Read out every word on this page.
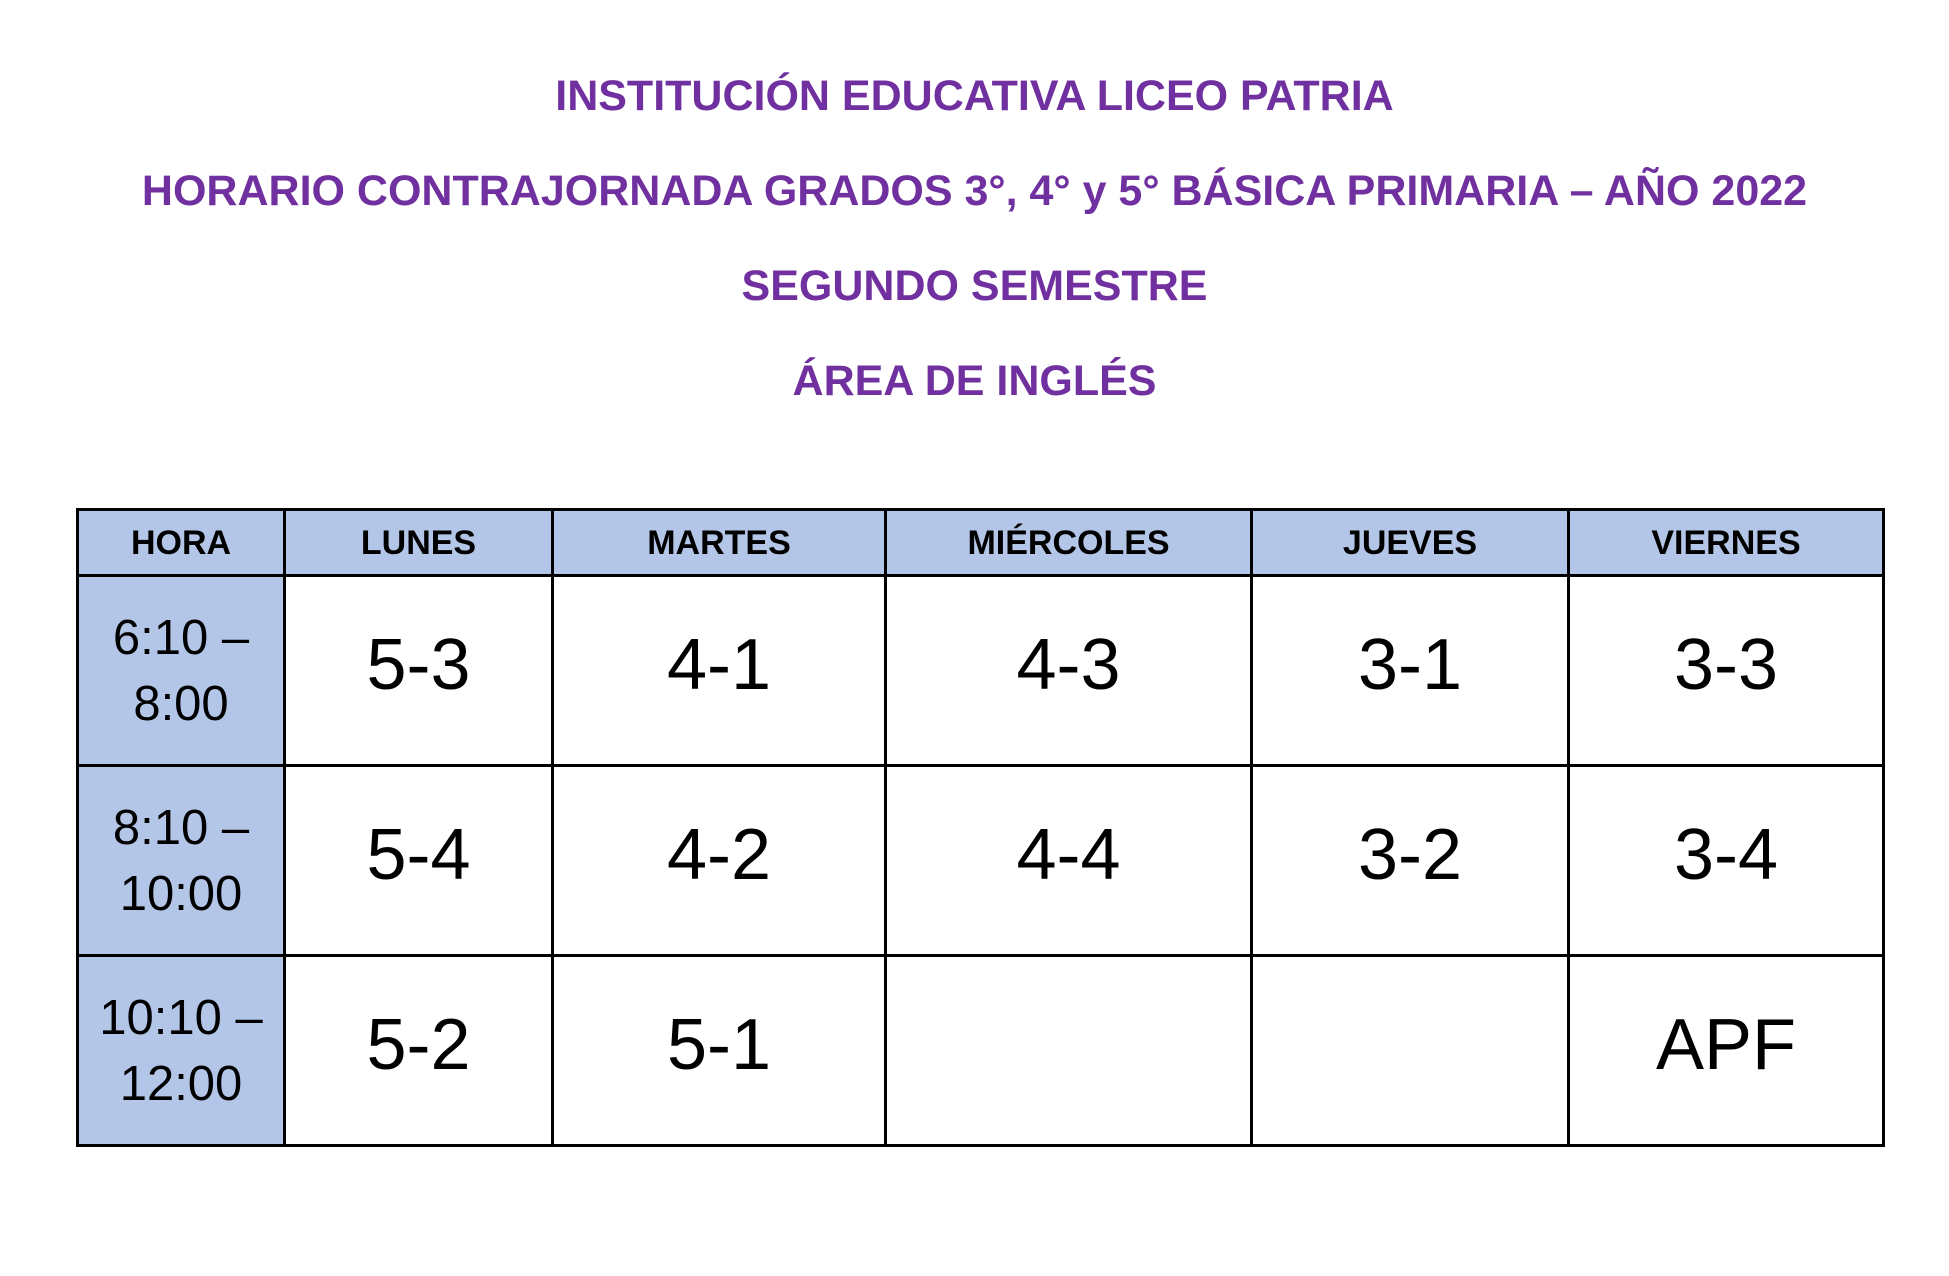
INSTITUCIÓN EDUCATIVA LICEO PATRIA
HORARIO CONTRAJORNADA GRADOS 3°, 4° y 5° BÁSICA PRIMARIA – AÑO 2022
SEGUNDO SEMESTRE
ÁREA DE INGLÉS
HORA	LUNES	MARTES	MIÉRCOLES	JUEVES	VIERNES

6:10 –
8:00	5-3	4-1	4-3	3-1	3-3

8:10 –
10:00	5-4	4-2	4-4	3-2	3-4

10:10 –
12:00	5-2	5-1			APF
